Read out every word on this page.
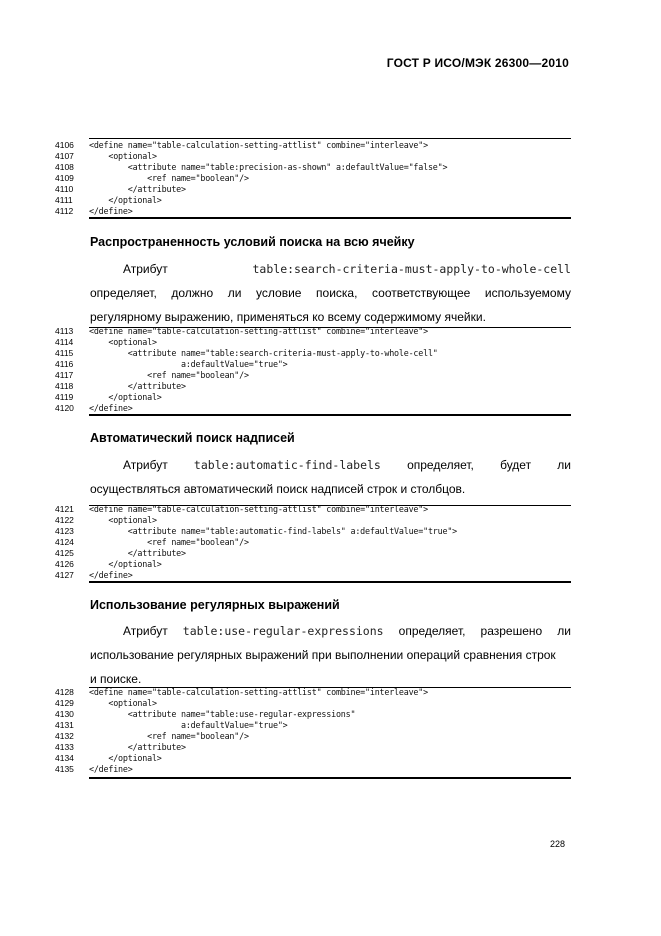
ГОСТ Р ИСО/МЭК 26300—2010
4106	<define name="table-calculation-setting-attlist" combine="interleave">
4107	<optional>
4108	<attribute name="table:precision-as-shown" a:defaultValue="false">
4109	<ref name="boolean"/>
4110	</attribute>
4111	</optional>
4112	</define>
Распространенность условий поиска на всю ячейку
Атрибут	table:search-criteria-must-apply-to-whole-cell
определяет, должно ли условие поиска, соответствующее используемому
регулярному выражению, применяться ко всему содержимому ячейки.
4113	<define name="table-calculation-setting-attlist" combine="interleave">
4114	<optional>
4115	<attribute name="table:search-criteria-must-apply-to-whole-cell"
4116	a:defaultValue="true">
4117	<ref name="boolean"/>
4118	</attribute>
4119	</optional>
4120	</define>
Автоматический поиск надписей
Атрибут table:automatic-find-labels определяет, будет ли
осуществляться автоматический поиск надписей строк и столбцов.
4121	<define name="table-calculation-setting-attlist" combine="interleave">
4122	<optional>
4123	<attribute name="table:automatic-find-labels" a:defaultValue="true">
4124	<ref name="boolean"/>
4125	</attribute>
4126	</optional>
4127	</define>
Использование регулярных выражений
Атрибут table:use-regular-expressions определяет, разрешено ли
использование регулярных выражений при выполнении операций сравнения строк
и поиске.
4128	<define name="table-calculation-setting-attlist" combine="interleave">
4129	<optional>
4130	<attribute name="table:use-regular-expressions"
4131	a:defaultValue="true">
4132	<ref name="boolean"/>
4133	</attribute>
4134	</optional>
4135	</define>
228
